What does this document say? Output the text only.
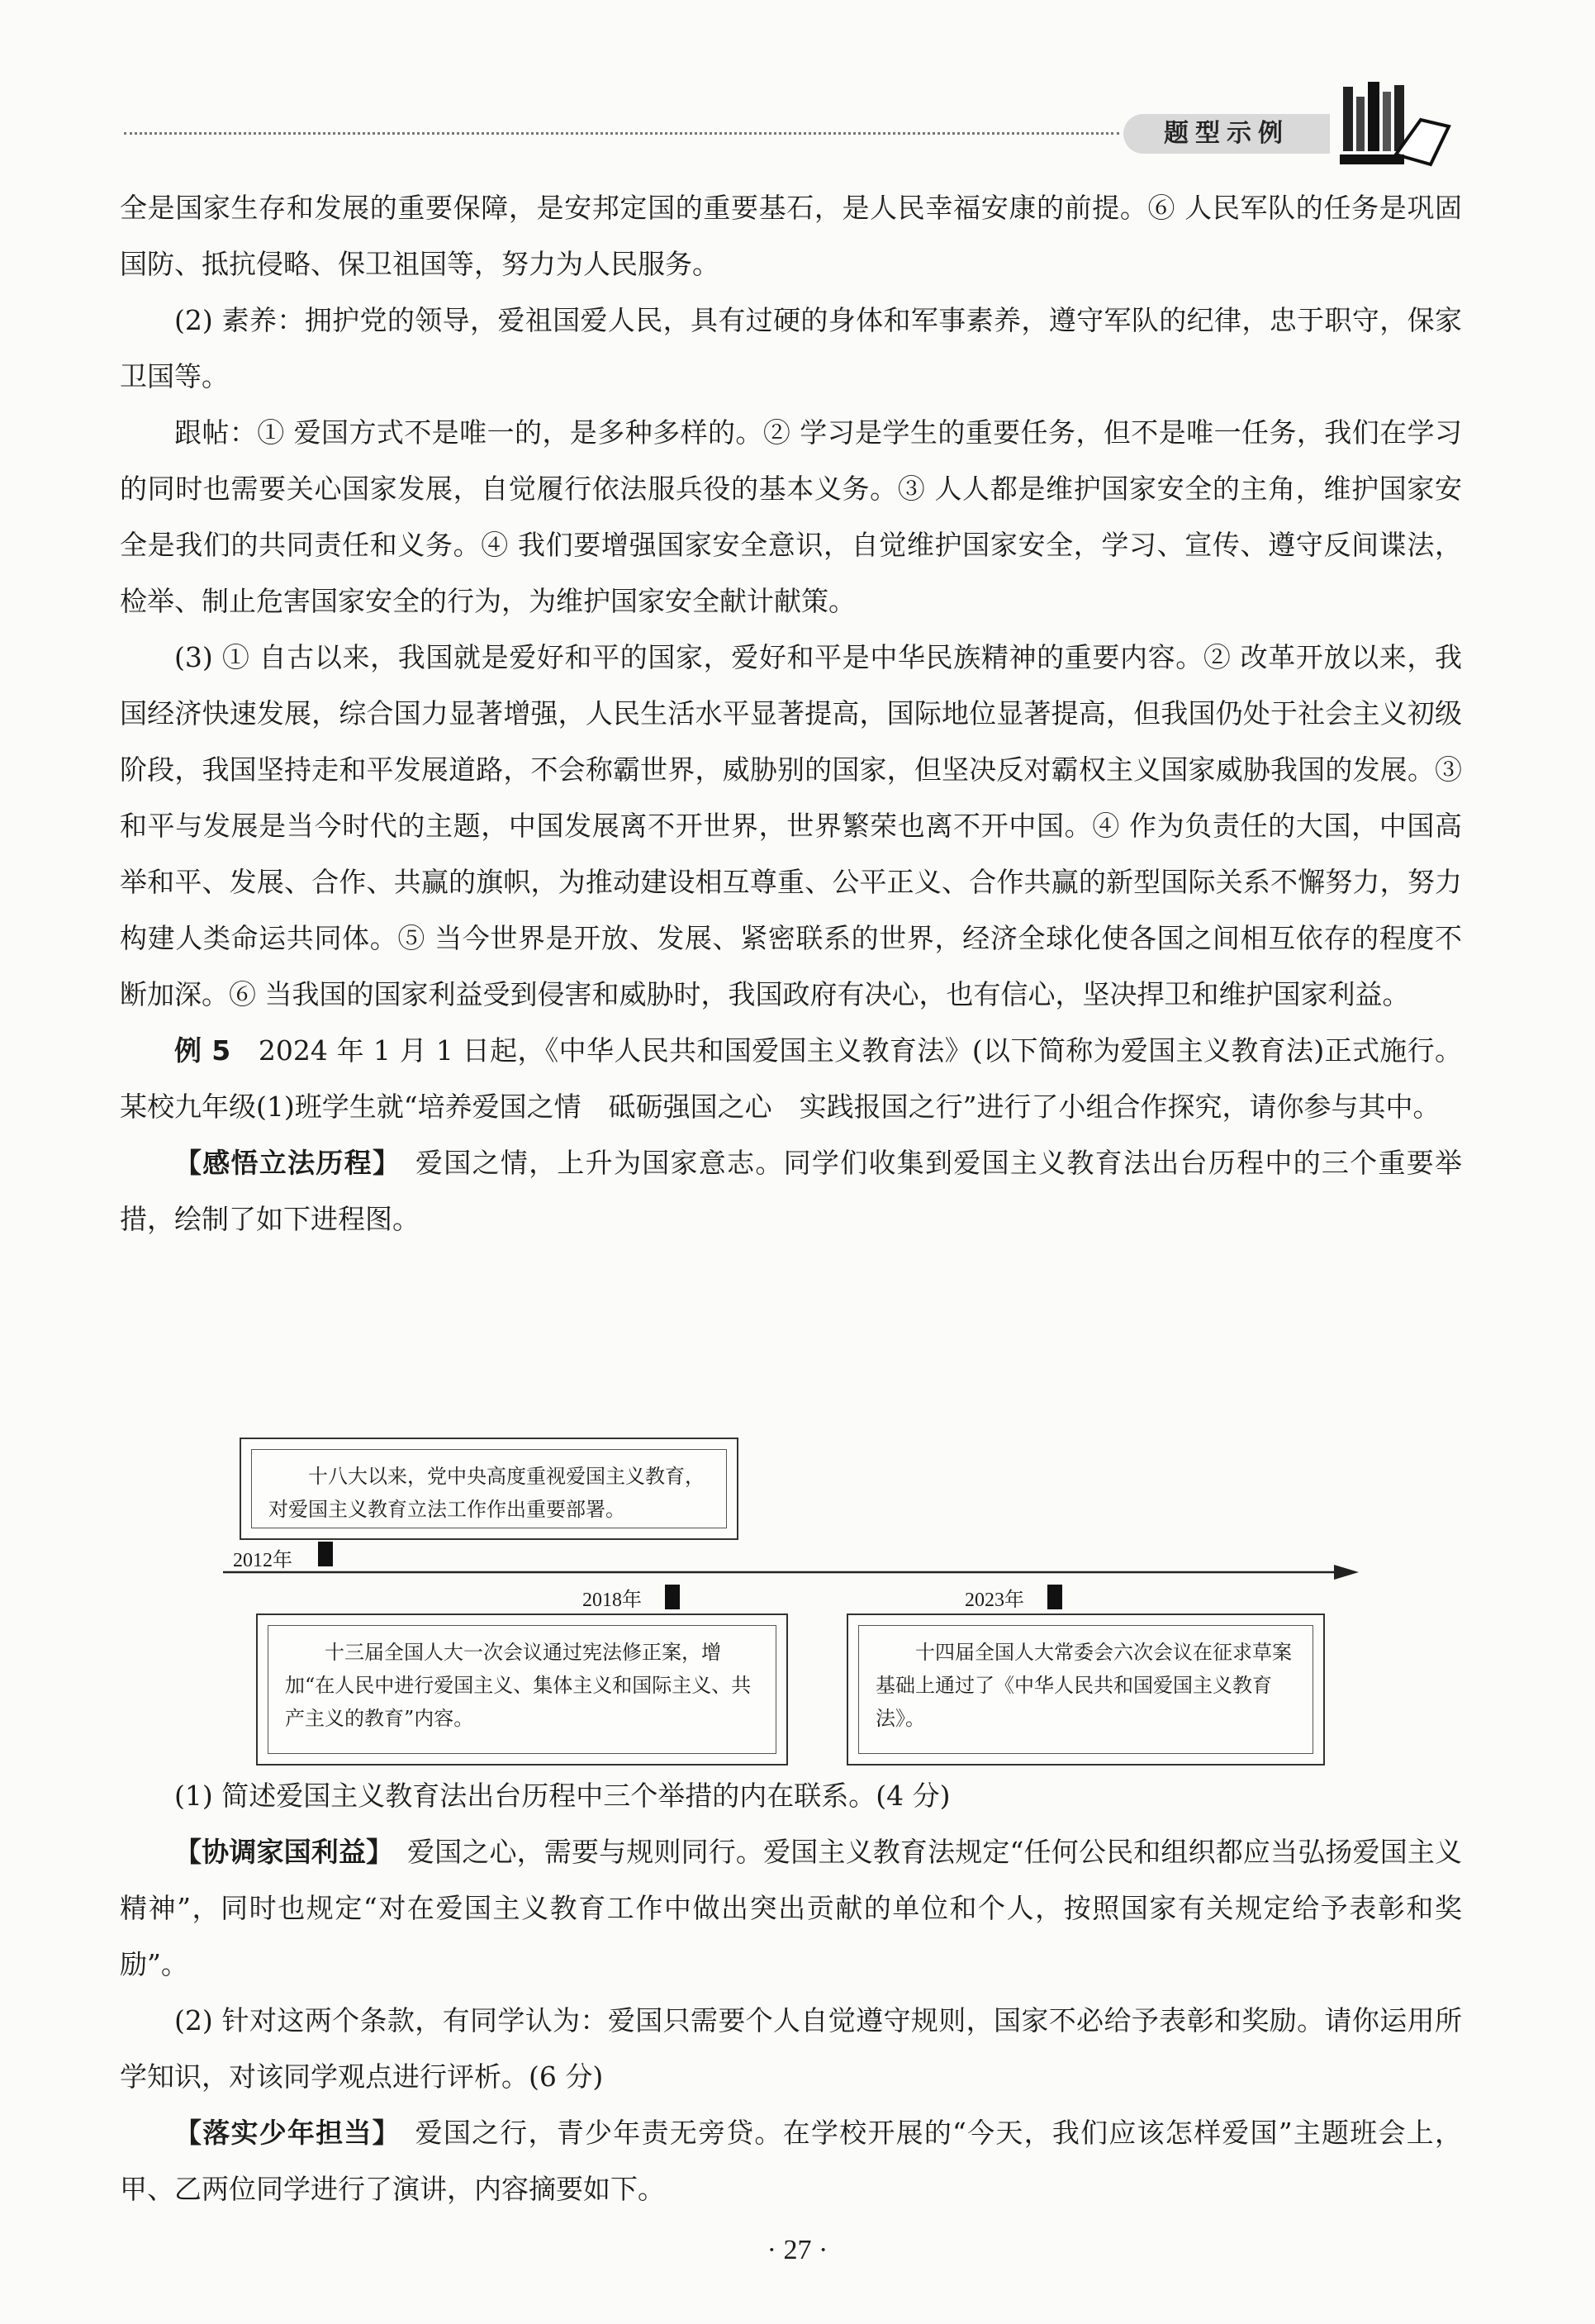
题型示例

全是国家生存和发展的重要保障，是安邦定国的重要基石，是人民幸福安康的前提。⑥ 人民军队的任务是巩固国防、抵抗侵略、保卫祖国等，努力为人民服务。

(2) 素养：拥护党的领导，爱祖国爱人民，具有过硬的身体和军事素养，遵守军队的纪律，忠于职守，保家卫国等。

跟帖：① 爱国方式不是唯一的，是多种多样的。② 学习是学生的重要任务，但不是唯一任务，我们在学习的同时也需要关心国家发展，自觉履行依法服兵役的基本义务。③ 人人都是维护国家安全的主角，维护国家安全是我们的共同责任和义务。④ 我们要增强国家安全意识，自觉维护国家安全，学习、宣传、遵守反间谍法，检举、制止危害国家安全的行为，为维护国家安全献计献策。

(3) ① 自古以来，我国就是爱好和平的国家，爱好和平是中华民族精神的重要内容。② 改革开放以来，我国经济快速发展，综合国力显著增强，人民生活水平显著提高，国际地位显著提高，但我国仍处于社会主义初级阶段，我国坚持走和平发展道路，不会称霸世界，威胁别的国家，但坚决反对霸权主义国家威胁我国的发展。③ 和平与发展是当今时代的主题，中国发展离不开世界，世界繁荣也离不开中国。④ 作为负责任的大国，中国高举和平、发展、合作、共赢的旗帜，为推动建设相互尊重、公平正义、合作共赢的新型国际关系不懈努力，努力构建人类命运共同体。⑤ 当今世界是开放、发展、紧密联系的世界，经济全球化使各国之间相互依存的程度不断加深。⑥ 当我国的国家利益受到侵害和威胁时，我国政府有决心，也有信心，坚决捍卫和维护国家利益。

例 5　 2024 年 1 月 1 日起，《中华人民共和国爱国主义教育法》(以下简称为爱国主义教育法)正式施行。某校九年级(1)班学生就“培养爱国之情　砥砺强国之心　实践报国之行”进行了小组合作探究，请你参与其中。

【感悟立法历程】　 爱国之情，上升为国家意志。同学们收集到爱国主义教育法出台历程中的三个重要举措，绘制了如下进程图。

十八大以来，党中央高度重视爱国主义教育，对爱国主义教育立法工作作出重要部署。
2012年
2018年	2023年
十三届全国人大一次会议通过宪法修正案，增加“在人民中进行爱国主义、集体主义和国际主义、共产主义的教育”内容。
十四届全国人大常委会六次会议在征求草案基础上通过了《中华人民共和国爱国主义教育法》。

(1) 简述爱国主义教育法出台历程中三个举措的内在联系。(4 分)

【协调家国利益】　 爱国之心，需要与规则同行。爱国主义教育法规定“任何公民和组织都应当弘扬爱国主义精神”，同时也规定“对在爱国主义教育工作中做出突出贡献的单位和个人，按照国家有关规定给予表彰和奖励”。

(2) 针对这两个条款，有同学认为：爱国只需要个人自觉遵守规则，国家不必给予表彰和奖励。请你运用所学知识，对该同学观点进行评析。(6 分)

【落实少年担当】　 爱国之行，青少年责无旁贷。在学校开展的“今天，我们应该怎样爱国”主题班会上，甲、乙两位同学进行了演讲，内容摘要如下。

· 27 ·
